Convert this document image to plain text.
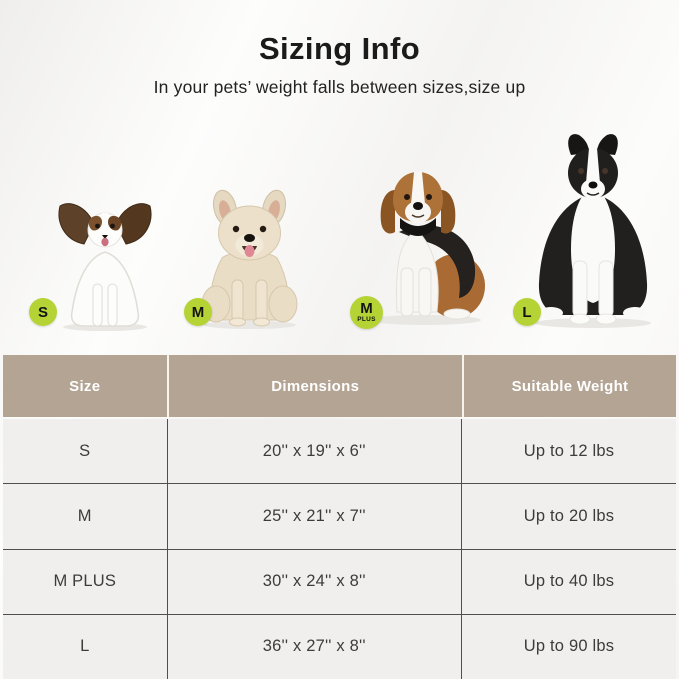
Sizing Info
In your pets’ weight falls between sizes,size up
S	M	M
PLUS	L
Size	Dimensions	Suitable Weight
S	20'' x 19'' x 6''	Up to 12 lbs
M	25'' x 21'' x 7''	Up to 20 lbs
M PLUS	30'' x 24'' x 8''	Up to 40 lbs
L	36'' x 27'' x 8''	Up to 90 lbs
